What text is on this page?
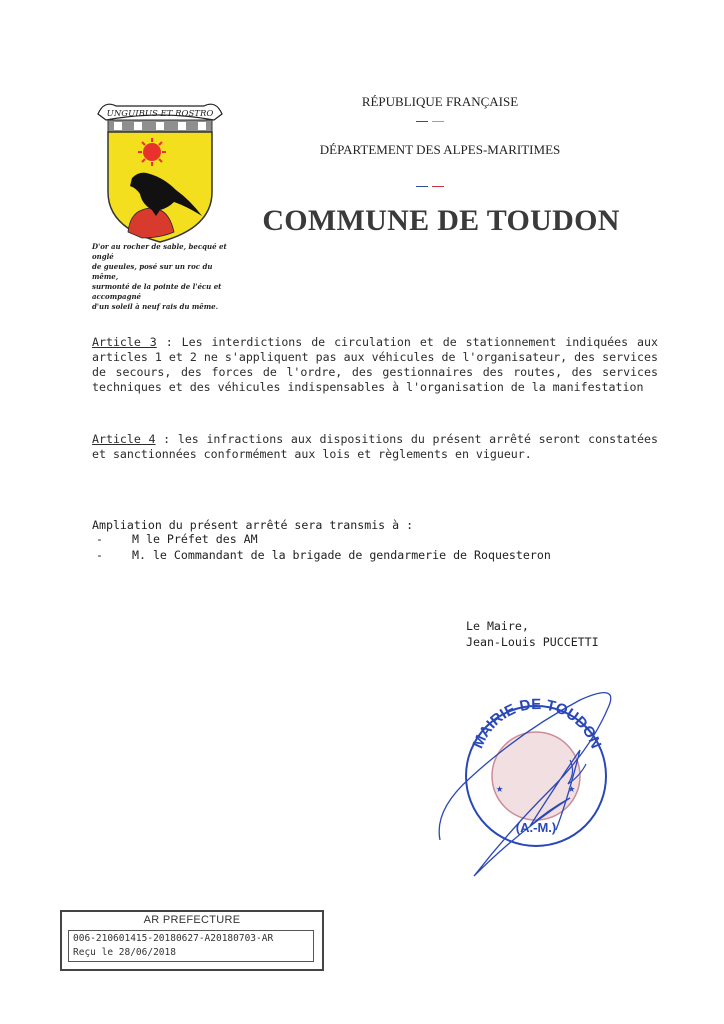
UNGUIBUS ET ROSTRO
D'or au rocher de sable, becqué et onglé
de gueules, posé sur un roc du même,
surmonté de la pointe de l'écu et accompagné
d'un soleil à neuf rais du même.
RÉPUBLIQUE FRANÇAISE
DÉPARTEMENT DES ALPES-MARITIMES
COMMUNE DE TOUDON
Article 3 : Les interdictions de circulation et de stationnement indiquées aux articles 1 et 2 ne s'appliquent pas aux véhicules de l'organisateur, des services de secours, des forces de l'ordre, des gestionnaires des routes, des services techniques et des véhicules indispensables à l'organisation de la manifestation
Article 4 : les infractions aux dispositions du présent arrêté seront constatées et sanctionnées conformément aux lois et règlements en vigueur.
Ampliation du présent arrêté sera transmis à :
-	M le Préfet des AM
-	M. le Commandant de la brigade de gendarmerie de Roquesteron
Le Maire,
Jean-Louis PUCCETTI
MAIRIE DE TOUDON
(A.-M.)
★	★
AR PREFECTURE
006-210601415-20180627-A20180703-AR
Reçu le 28/06/2018
